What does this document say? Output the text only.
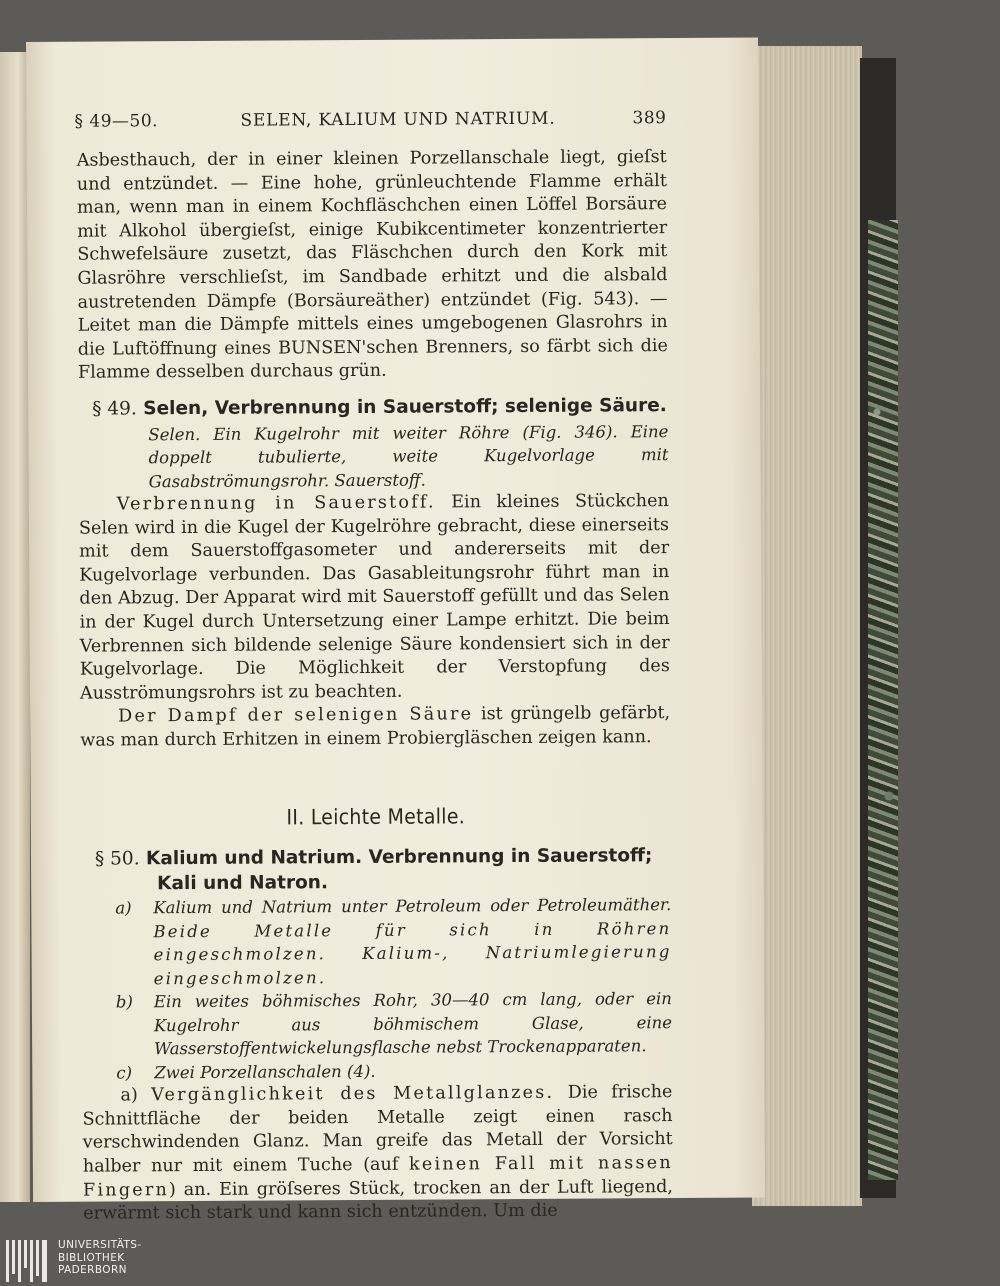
§ 49—50.	SELEN, KALIUM UND NATRIUM.	389

Asbesthauch, der in einer kleinen Porzellanschale liegt, gieſst und entzündet. — Eine hohe, grünleuchtende Flamme erhält man, wenn man in einem Kochfläschchen einen Löffel Borsäure mit Alkohol übergieſst, einige Kubikcentimeter konzentrierter Schwefelsäure zusetzt, das Fläschchen durch den Kork mit Glasröhre verschlieſst, im Sandbade erhitzt und die alsbald austretenden Dämpfe (Borsäureäther) entzündet (Fig. 543). — Leitet man die Dämpfe mittels eines umgebogenen Glasrohrs in die Luftöffnung eines BUNSEN'schen Brenners, so färbt sich die Flamme desselben durchaus grün.

§ 49. Selen, Verbrennung in Sauerstoff; selenige Säure.

Selen. Ein Kugelrohr mit weiter Röhre (Fig. 346). Eine doppelt tubulierte, weite Kugelvorlage mit Gasabströmungsrohr. Sauerstoff.

Verbrennung in Sauerstoff. Ein kleines Stückchen Selen wird in die Kugel der Kugelröhre gebracht, diese einerseits mit dem Sauerstoffgasometer und andererseits mit der Kugelvorlage verbunden. Das Gasableitungsrohr führt man in den Abzug. Der Apparat wird mit Sauerstoff gefüllt und das Selen in der Kugel durch Untersetzung einer Lampe erhitzt. Die beim Verbrennen sich bildende selenige Säure kondensiert sich in der Kugelvorlage. Die Möglichkeit der Verstopfung des Ausströmungsrohrs ist zu beachten.

Der Dampf der selenigen Säure ist grüngelb gefärbt, was man durch Erhitzen in einem Probiergläschen zeigen kann.

II. Leichte Metalle.
§ 50. Kalium und Natrium. Verbrennung in Sauerstoff;
Kali und Natron.
a) Kalium und Natrium unter Petroleum oder Petroleumäther. Beide Metalle für sich in Röhren eingeschmolzen. Kalium-, Natriumlegierung eingeschmolzen.
b) Ein weites böhmisches Rohr, 30—40 cm lang, oder ein Kugelrohr aus böhmischem Glase, eine Wasserstoffentwickelungsflasche nebst Trockenapparaten.
c) Zwei Porzellanschalen (4).

a) Vergänglichkeit des Metallglanzes. Die frische Schnittfläche der beiden Metalle zeigt einen rasch verschwindenden Glanz. Man greife das Metall der Vorsicht halber nur mit einem Tuche (auf keinen Fall mit nassen Fingern) an. Ein gröſseres Stück, trocken an der Luft liegend, erwärmt sich stark und kann sich entzünden. Um die

UNIVERSITÄTS-
BIBLIOTHEK
PADERBORN
